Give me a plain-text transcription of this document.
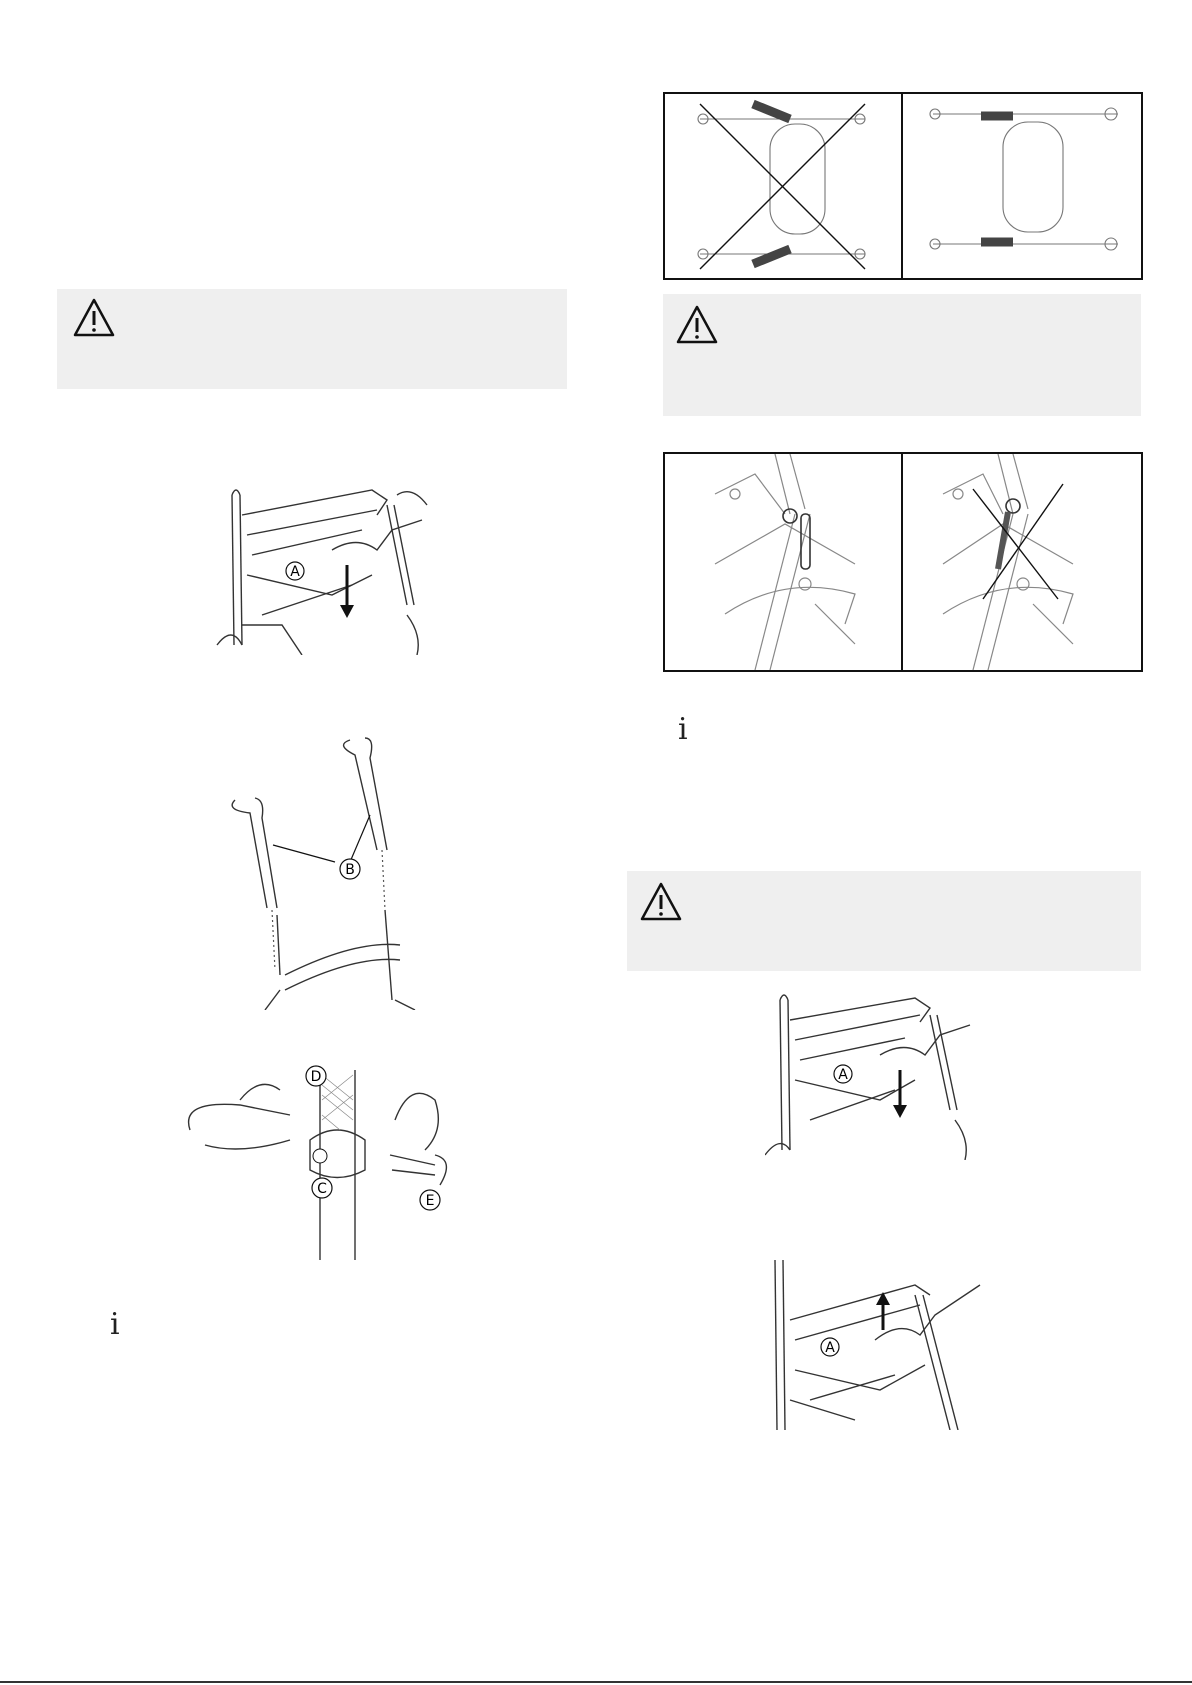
A
B
D
C
E
i
i
A
A
